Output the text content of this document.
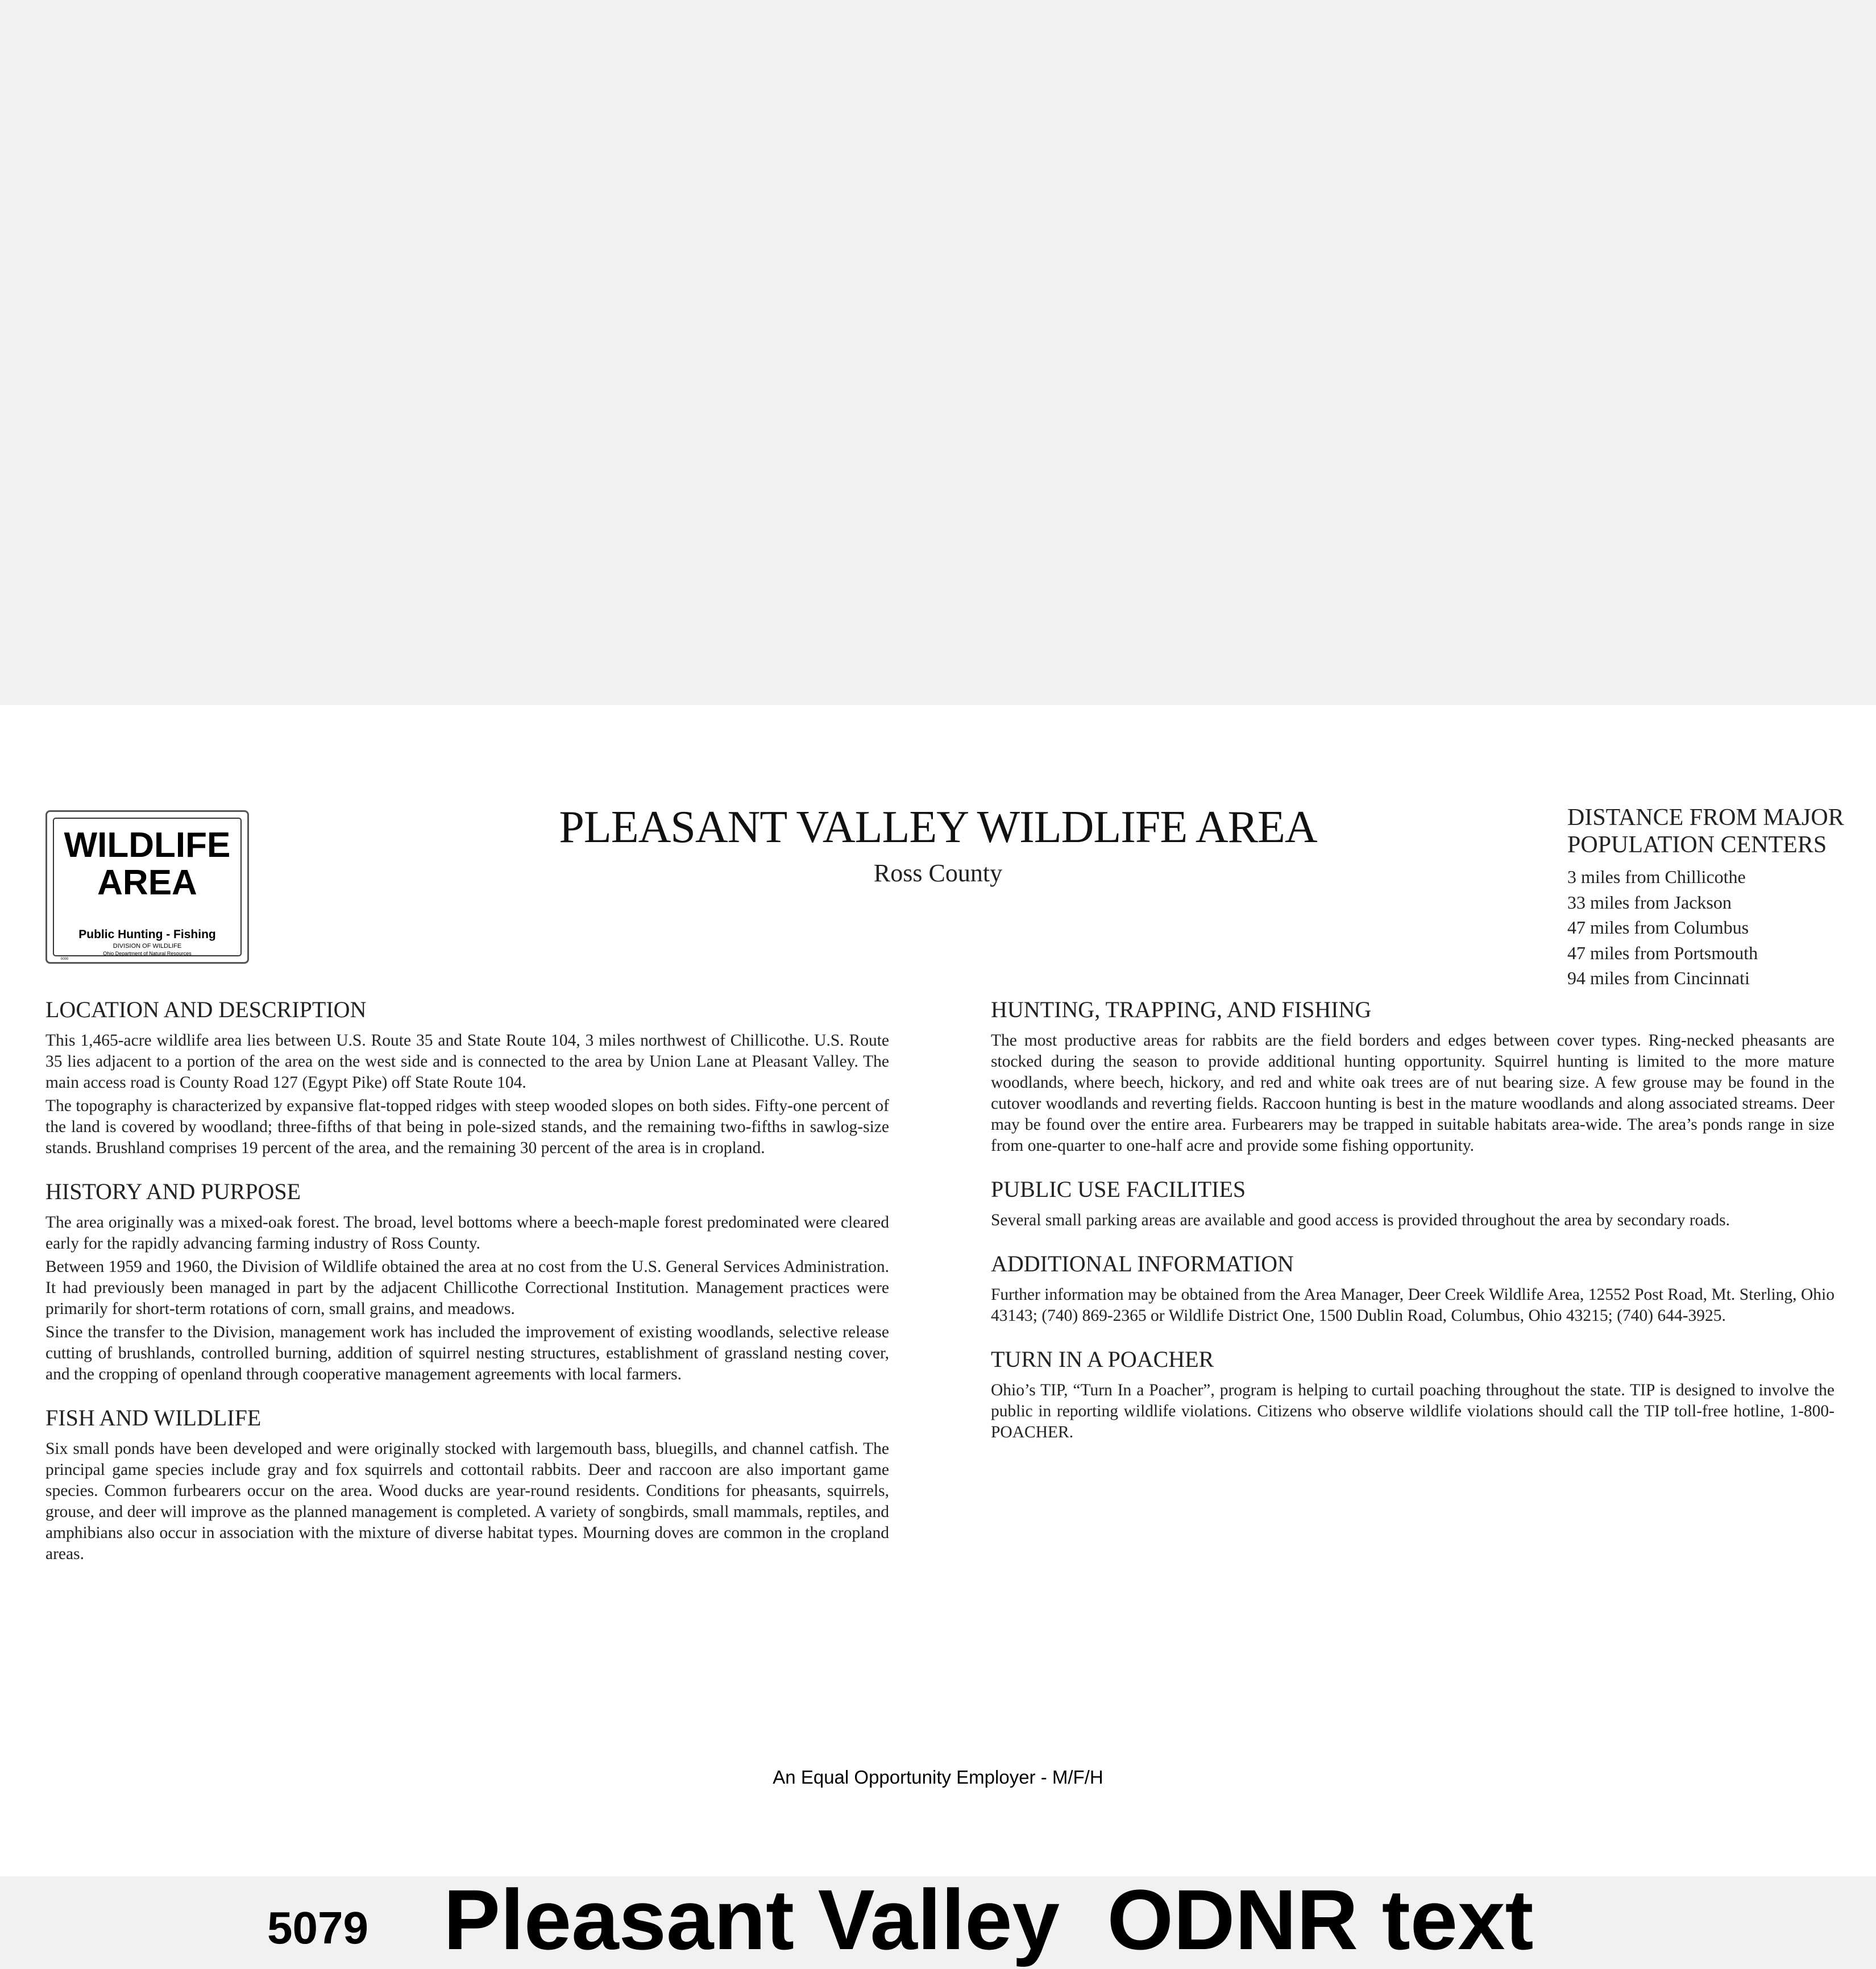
WILDLIFE
AREA
Public Hunting - Fishing
DIVISION OF WILDLIFE
Ohio Department of Natural Resources
0000
PLEASANT VALLEY WILDLIFE AREA
Ross County
DISTANCE FROM MAJOR
POPULATION CENTERS
3 miles from Chillicothe
33 miles from Jackson
47 miles from Columbus
47 miles from Portsmouth
94 miles from Cincinnati
LOCATION AND DESCRIPTION

This 1,465-acre wildlife area lies between U.S. Route 35 and State Route 104, 3 miles northwest of Chillicothe. U.S. Route 35 lies adjacent to a portion of the area on the west side and is connected to the area by Union Lane at Pleasant Valley. The main access road is County Road 127 (Egypt Pike) off State Route 104.

The topography is characterized by expansive flat-topped ridges with steep wooded slopes on both sides. Fifty-one percent of the land is covered by woodland; three-fifths of that being in pole-sized stands, and the remaining two-fifths in sawlog-size stands. Brushland comprises 19 percent of the area, and the remaining 30 percent of the area is in cropland.

HISTORY AND PURPOSE

The area originally was a mixed-oak forest. The broad, level bottoms where a beech-maple forest predominated were cleared early for the rapidly advancing farming industry of Ross County.

Between 1959 and 1960, the Division of Wildlife obtained the area at no cost from the U.S. General Services Administration. It had previously been managed in part by the adjacent Chillicothe Correctional Institution. Management practices were primarily for short-term rotations of corn, small grains, and meadows.

Since the transfer to the Division, management work has included the improvement of existing woodlands, selective release cutting of brushlands, controlled burning, addition of squirrel nesting structures, establishment of grassland nesting cover, and the cropping of openland through cooperative management agreements with local farmers.

FISH AND WILDLIFE

Six small ponds have been developed and were originally stocked with largemouth bass, bluegills, and channel catfish. The principal game species include gray and fox squirrels and cottontail rabbits. Deer and raccoon are also important game species. Common furbearers occur on the area. Wood ducks are year-round residents. Conditions for pheasants, squirrels, grouse, and deer will improve as the planned management is completed. A variety of songbirds, small mammals, reptiles, and amphibians also occur in association with the mixture of diverse habitat types. Mourning doves are common in the cropland areas.

HUNTING, TRAPPING, AND FISHING

The most productive areas for rabbits are the field borders and edges between cover types. Ring-necked pheasants are stocked during the season to provide additional hunting opportunity. Squirrel hunting is limited to the more mature woodlands, where beech, hickory, and red and white oak trees are of nut bearing size. A few grouse may be found in the cutover woodlands and reverting fields. Raccoon hunting is best in the mature woodlands and along associated streams. Deer may be found over the entire area. Furbearers may be trapped in suitable habitats area-wide. The area’s ponds range in size from one-quarter to one-half acre and provide some fishing opportunity.

PUBLIC USE FACILITIES

Several small parking areas are available and good access is provided throughout the area by secondary roads.

ADDITIONAL INFORMATION

Further information may be obtained from the Area Manager, Deer Creek Wildlife Area, 12552 Post Road, Mt. Sterling, Ohio 43143; (740) 869-2365 or Wildlife District One, 1500 Dublin Road, Columbus, Ohio 43215; (740) 644-3925.

TURN IN A POACHER

Ohio’s TIP, “Turn In a Poacher”, program is helping to curtail poaching throughout the state. TIP is designed to involve the public in reporting wildlife violations. Citizens who observe wildlife violations should call the TIP toll-free hotline, 1-800-POACHER.

An Equal Opportunity Employer - M/F/H
5079 Pleasant Valley  ODNR text
